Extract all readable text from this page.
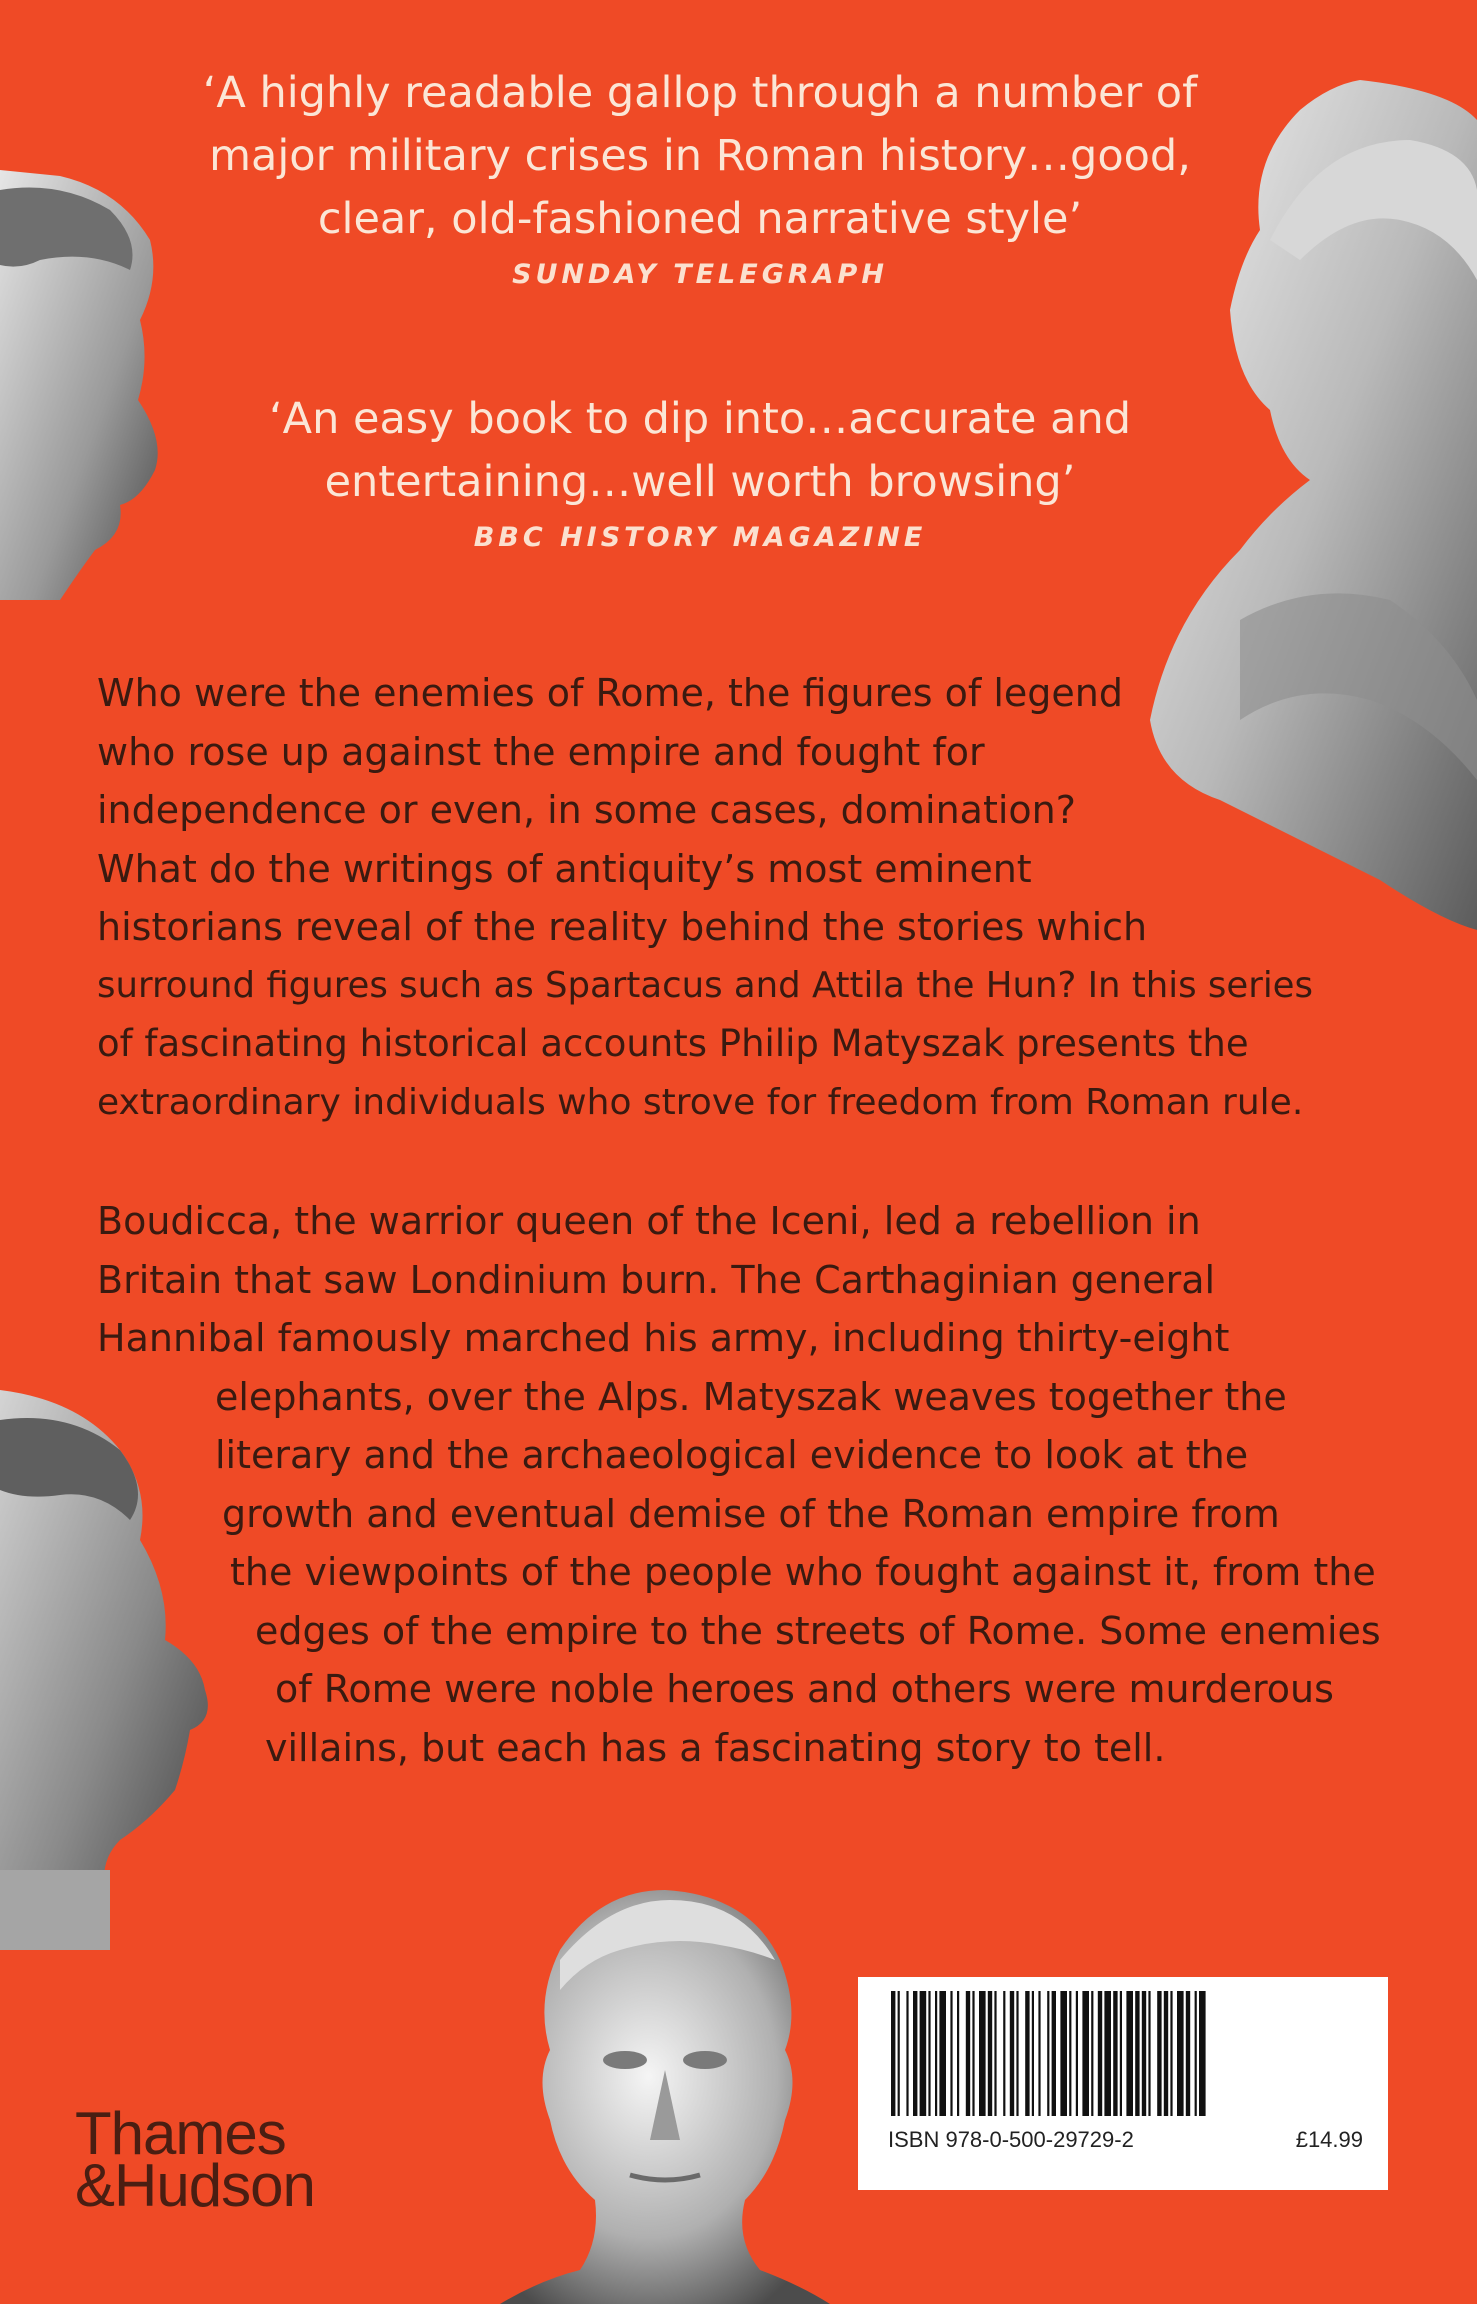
‘A highly readable gallop through a number of
major military crises in Roman history…good,
clear, old-fashioned narrative style’
SUNDAY TELEGRAPH
‘An easy book to dip into…accurate and
entertaining…well worth browsing’
BBC HISTORY MAGAZINE
Who were the enemies of Rome, the figures of legend
who rose up against the empire and fought for
independence or even, in some cases, domination?
What do the writings of antiquity’s most eminent
historians reveal of the reality behind the stories which
surround figures such as Spartacus and Attila the Hun? In this series
of fascinating historical accounts Philip Matyszak presents the
extraordinary individuals who strove for freedom from Roman rule.
Boudicca, the warrior queen of the Iceni, led a rebellion in
Britain that saw Londinium burn. The Carthaginian general
Hannibal famously marched his army, including thirty-eight
elephants, over the Alps. Matyszak weaves together the
literary and the archaeological evidence to look at the
growth and eventual demise of the Roman empire from
the viewpoints of the people who fought against it, from the
edges of the empire to the streets of Rome. Some enemies
of Rome were noble heroes and others were murderous
villains, but each has a fascinating story to tell.
Thames
&Hudson
ISBN 978-0-500-29729-2	£14.99
